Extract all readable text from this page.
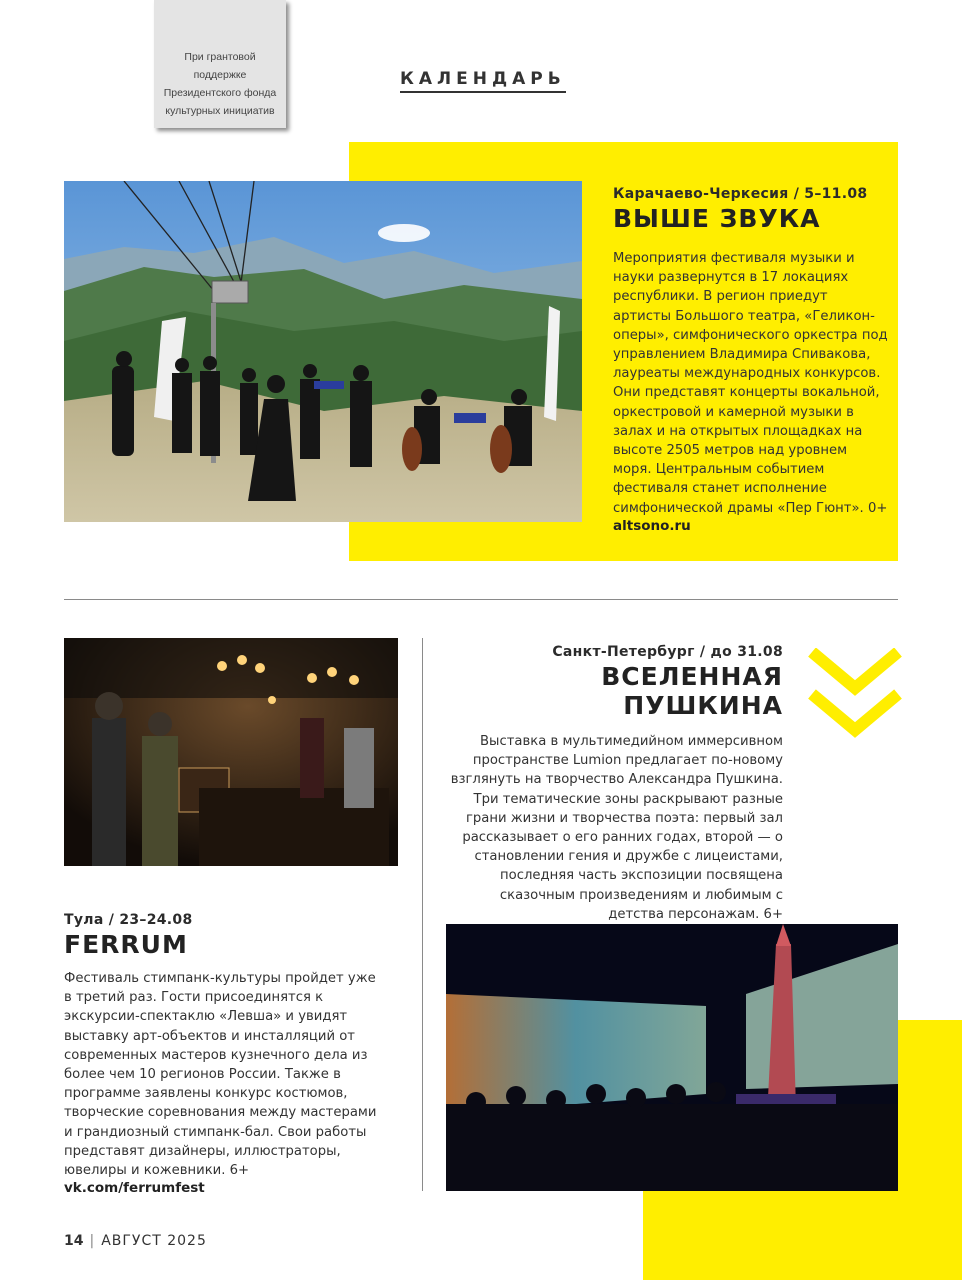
При грантовой поддержке Президентского фонда культурных инициатив
КАЛЕНДАРЬ
Карачаево-Черкесия / 5–11.08
ВЫШЕ ЗВУКА
Мероприятия фестиваля музыки и науки развернутся в 17 локациях республики. В регион приедут артисты Большого театра, «Геликон-оперы», симфонического оркестра под управлением Владимира Спивакова, лауреаты международных конкурсов. Они представят концерты вокальной, оркестровой и камерной музыки в залах и на открытых площадках на высоте 2505 метров над уровнем моря. Центральным событием фестиваля станет исполнение симфонической драмы «Пер Гюнт». 0+
altsono.ru
Санкт-Петербург / до 31.08
ВСЕЛЕННАЯ ПУШКИНА
Выставка в мультимедийном иммерсивном пространстве Lumion предлагает по-новому взглянуть на творчество Александра Пушкина. Три тематические зоны раскрывают разные грани жизни и творчества поэта: первый зал рассказывает о его ранних годах, второй — о становлении гения и дружбе с лицеистами, последняя часть экспозиции посвящена сказочным произведениям и любимым с детства персонажам. 6+
Тула / 23–24.08
FERRUM
Фестиваль стимпанк-культуры пройдет уже в третий раз. Гости присоединятся к экскурсии-спектаклю «Левша» и увидят выставку арт-объектов и инсталляций от современных мастеров кузнечного дела из более чем 10 регионов России. Также в программе заявлены конкурс костюмов, творческие соревнования между мастерами и грандиозный стимпанк-бал. Свои работы представят дизайнеры, иллюстраторы, ювелиры и кожевники. 6+
vk.com/ferrumfest
14 | АВГУСТ 2025
